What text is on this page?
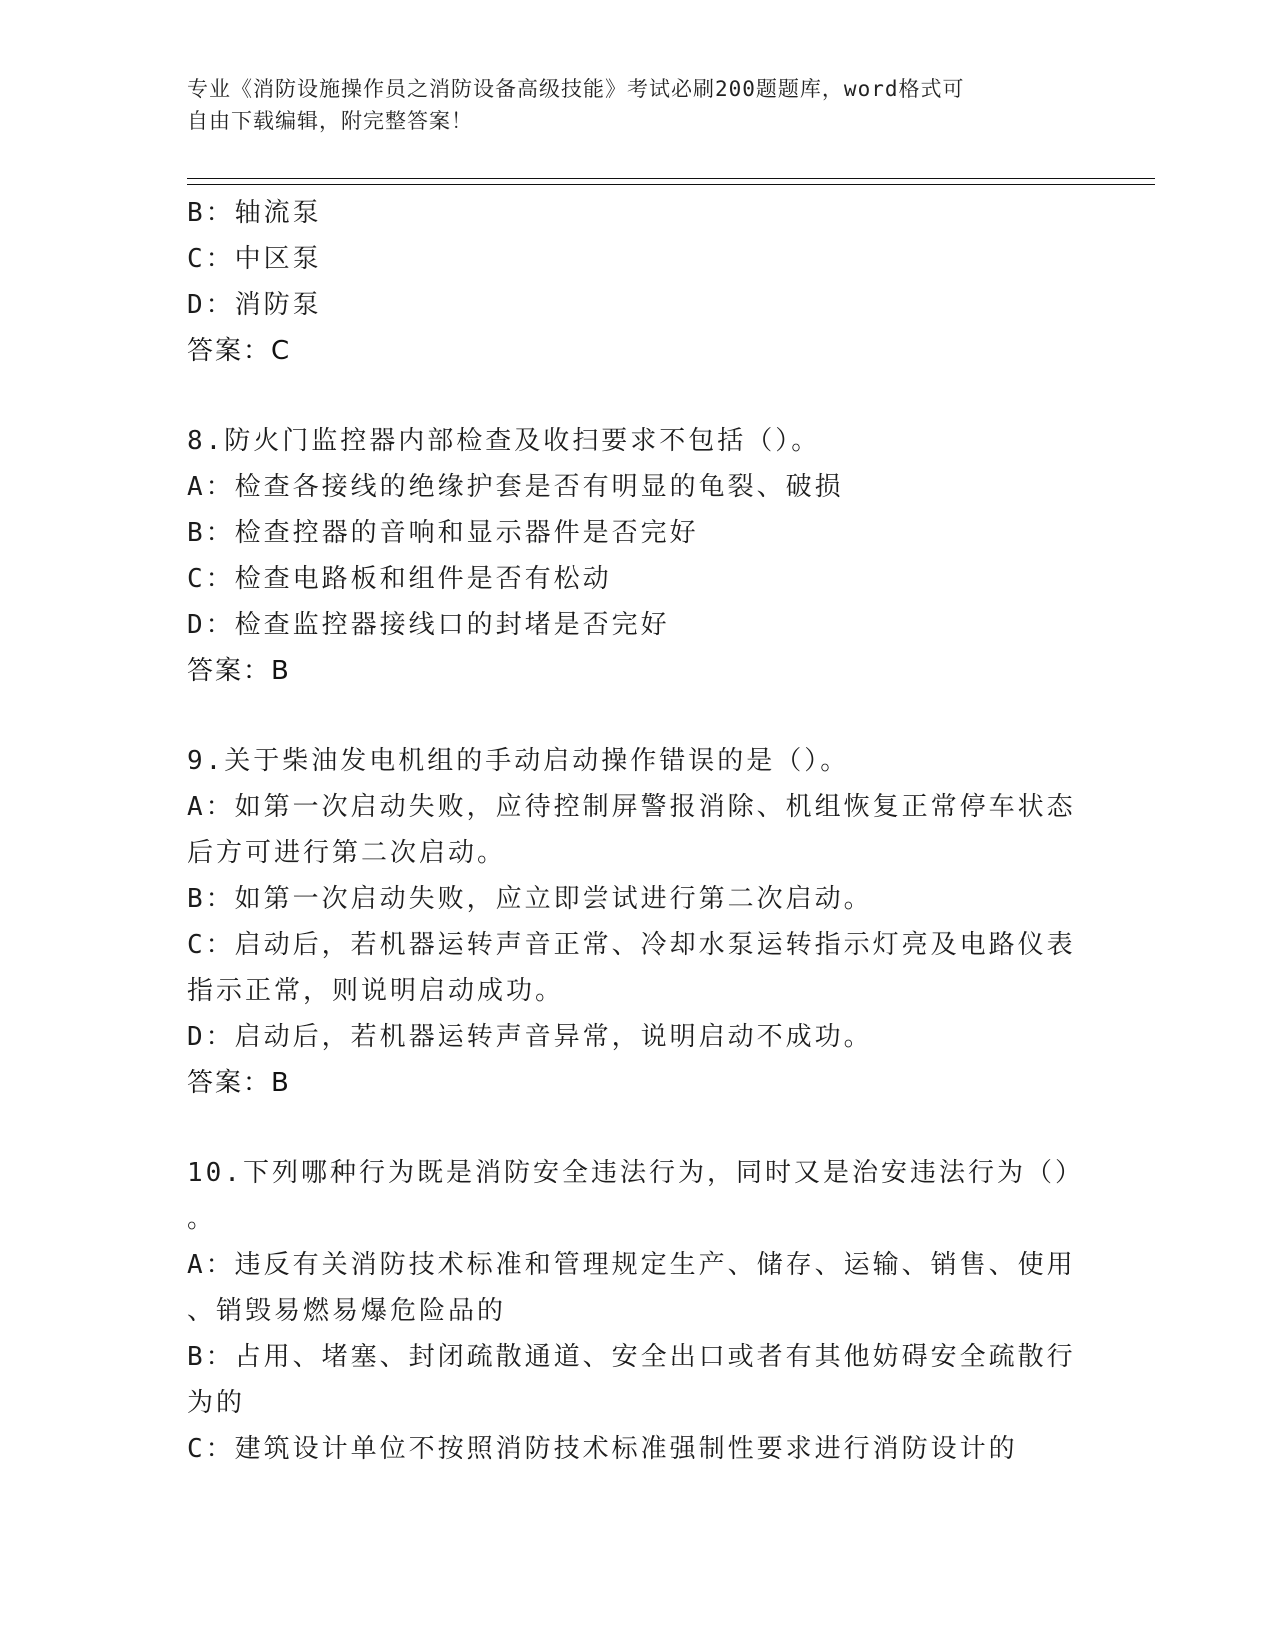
专业《消防设施操作员之消防设备高级技能》考试必刷200题题库，word格式可
自由下载编辑，附完整答案！
B：轴流泵
C：中区泵
D：消防泵
答案：C
8.防火门监控器内部检查及收扫要求不包括（）。
A：检查各接线的绝缘护套是否有明显的龟裂、破损
B：检查控器的音响和显示器件是否完好
C：检查电路板和组件是否有松动
D：检查监控器接线口的封堵是否完好
答案：B
9.关于柴油发电机组的手动启动操作错误的是（）。
A：如第一次启动失败，应待控制屏警报消除、机组恢复正常停车状态
后方可进行第二次启动。
B：如第一次启动失败，应立即尝试进行第二次启动。
C：启动后，若机器运转声音正常、冷却水泵运转指示灯亮及电路仪表
指示正常，则说明启动成功。
D：启动后，若机器运转声音异常，说明启动不成功。
答案：B
10.下列哪种行为既是消防安全违法行为，同时又是治安违法行为（）
。
A：违反有关消防技术标准和管理规定生产、储存、运输、销售、使用
、销毁易燃易爆危险品的
B：占用、堵塞、封闭疏散通道、安全出口或者有其他妨碍安全疏散行
为的
C：建筑设计单位不按照消防技术标准强制性要求进行消防设计的
